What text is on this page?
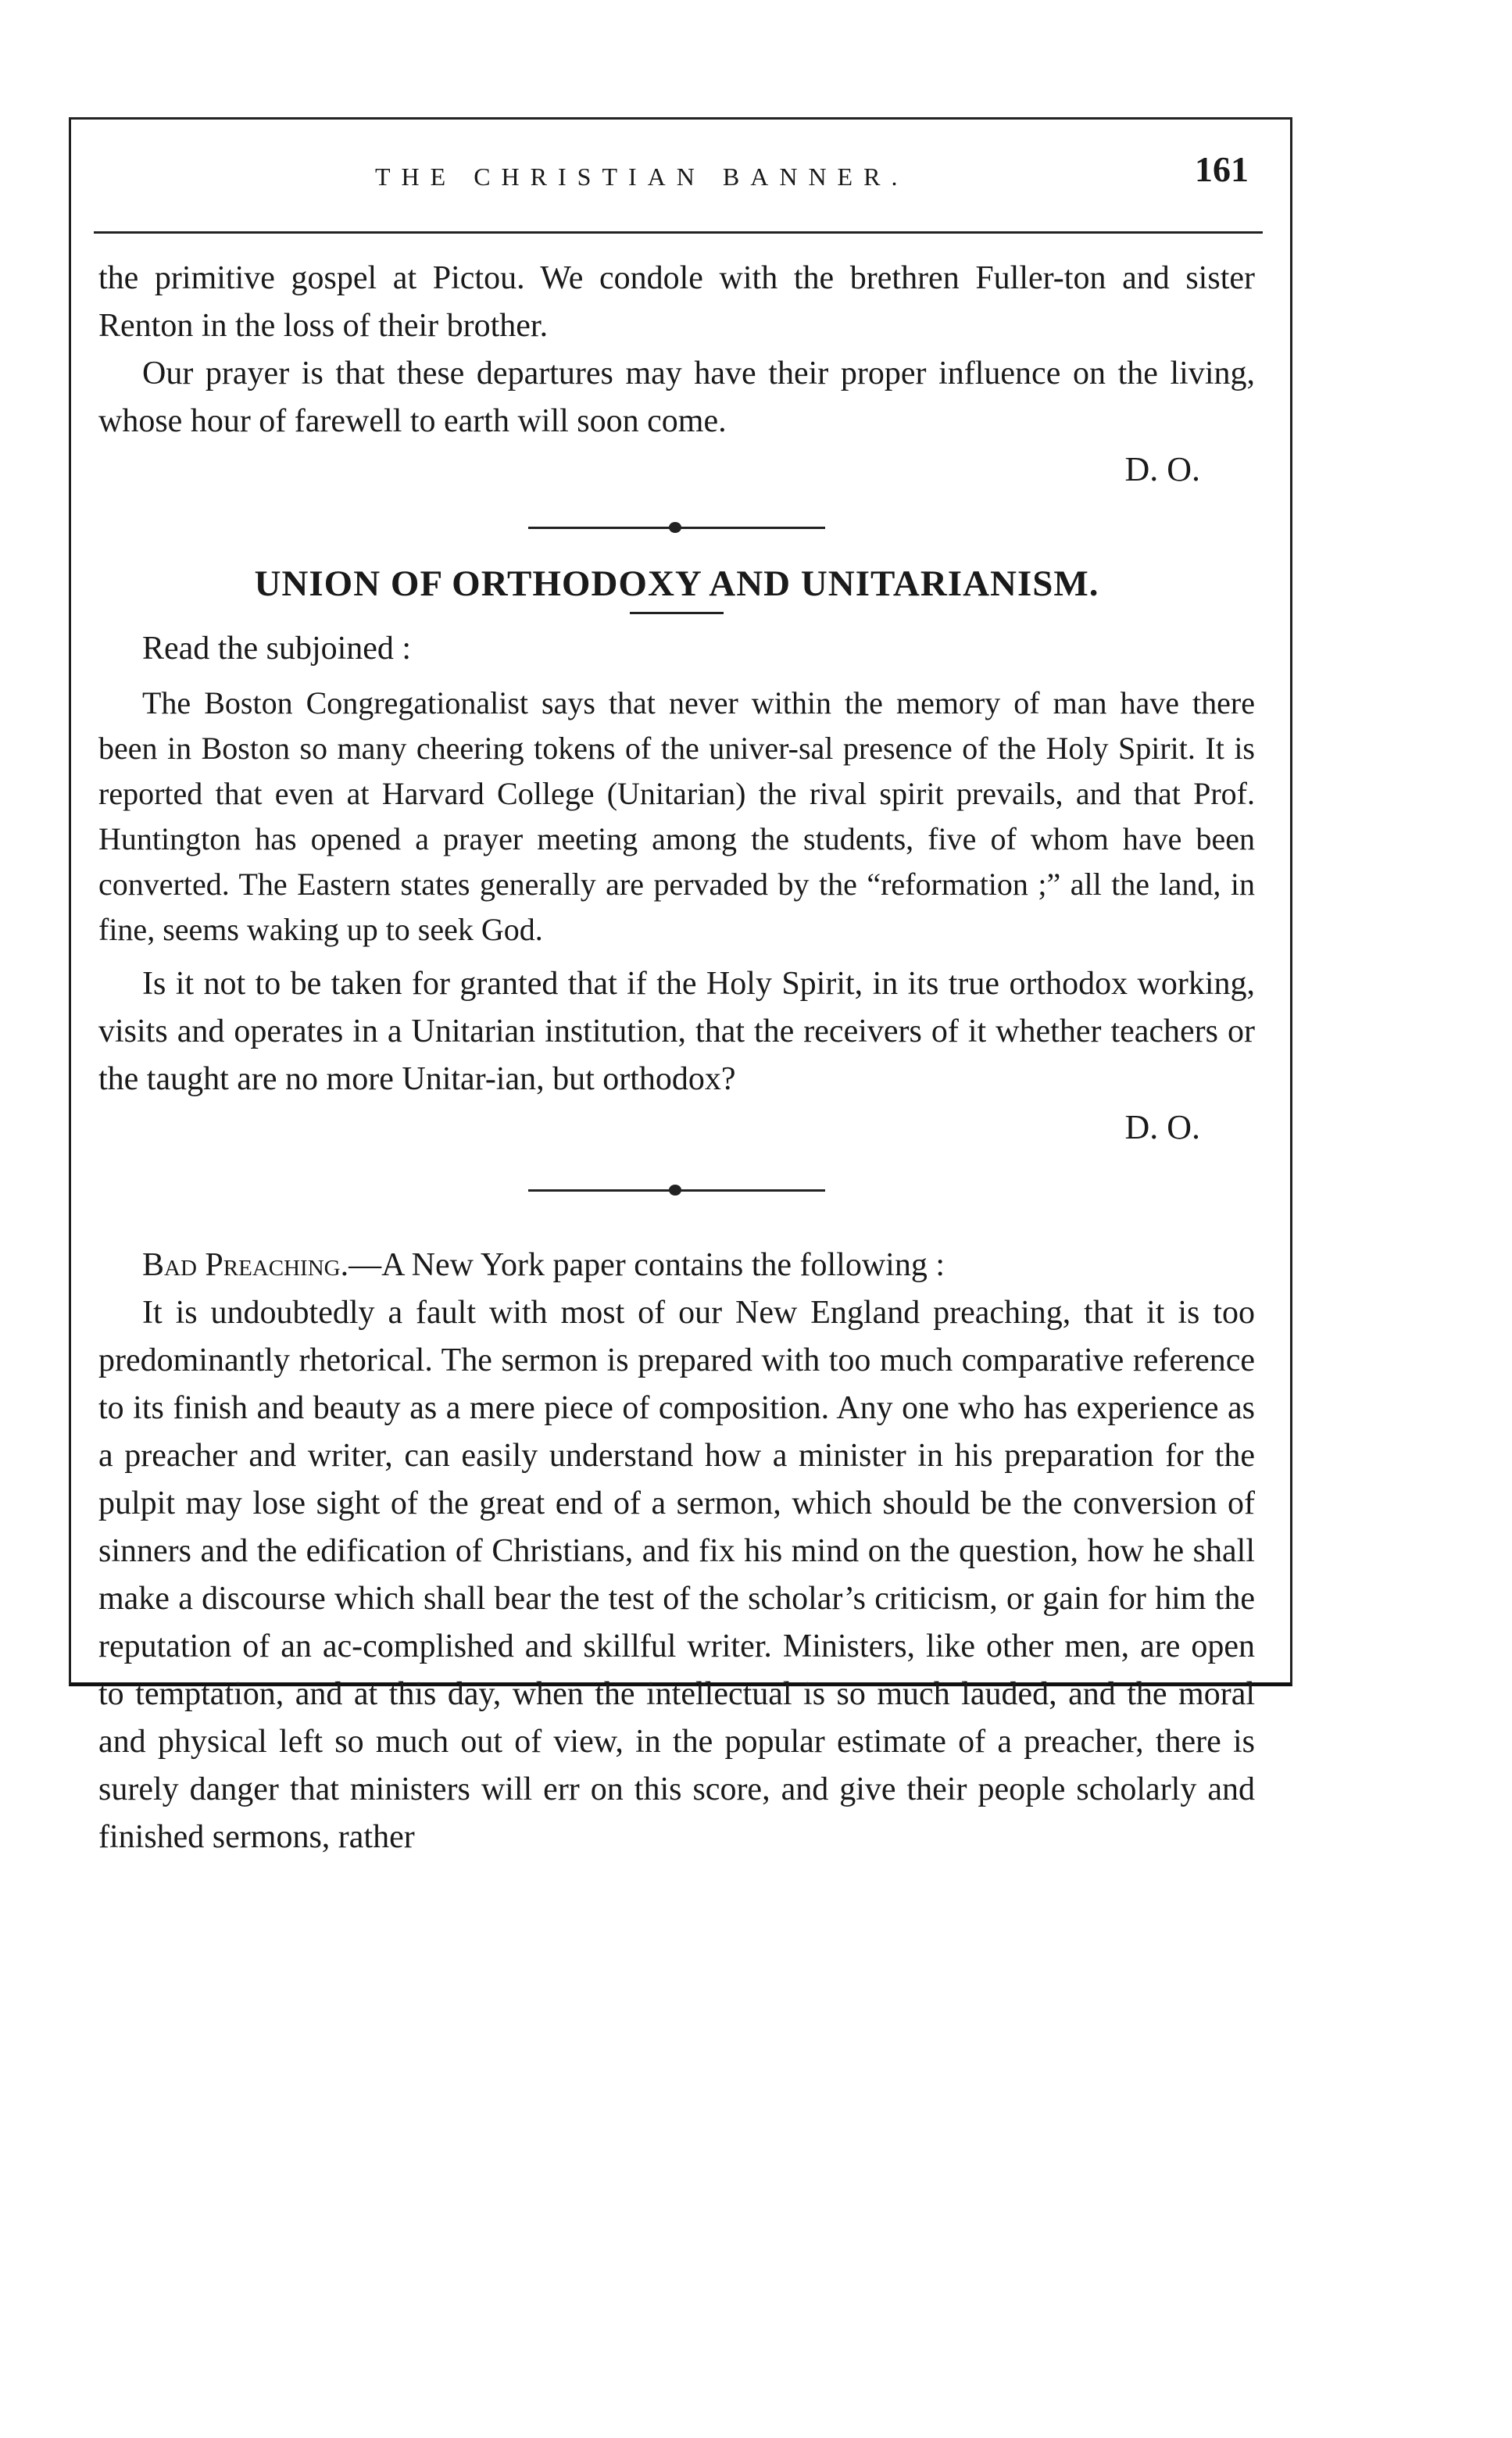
THE CHRISTIAN BANNER.	161

the primitive gospel at Pictou. We condole with the brethren Fuller-ton and sister Renton in the loss of their brother.

Our prayer is that these departures may have their proper influence on the living, whose hour of farewell to earth will soon come.

D. O.

UNION OF ORTHODOXY AND UNITARIANISM.

Read the subjoined :

The Boston Congregationalist says that never within the memory of man have there been in Boston so many cheering tokens of the univer-sal presence of the Holy Spirit. It is reported that even at Harvard College (Unitarian) the rival spirit prevails, and that Prof. Huntington has opened a prayer meeting among the students, five of whom have been converted. The Eastern states generally are pervaded by the “reformation ;” all the land, in fine, seems waking up to seek God.

Is it not to be taken for granted that if the Holy Spirit, in its true orthodox working, visits and operates in a Unitarian institution, that the receivers of it whether teachers or the taught are no more Unitar-ian, but orthodox?

D. O.

Bad Preaching.—A New York paper contains the following :

It is undoubtedly a fault with most of our New England preaching, that it is too predominantly rhetorical. The sermon is prepared with too much comparative reference to its finish and beauty as a mere piece of composition. Any one who has experience as a preacher and writer, can easily understand how a minister in his preparation for the pulpit may lose sight of the great end of a sermon, which should be the conversion of sinners and the edification of Christians, and fix his mind on the question, how he shall make a discourse which shall bear the test of the scholar’s criticism, or gain for him the reputation of an ac-complished and skillful writer. Ministers, like other men, are open to temptation, and at this day, when the intellectual is so much lauded, and the moral and physical left so much out of view, in the popular estimate of a preacher, there is surely danger that ministers will err on this score, and give their people scholarly and finished sermons, rather
